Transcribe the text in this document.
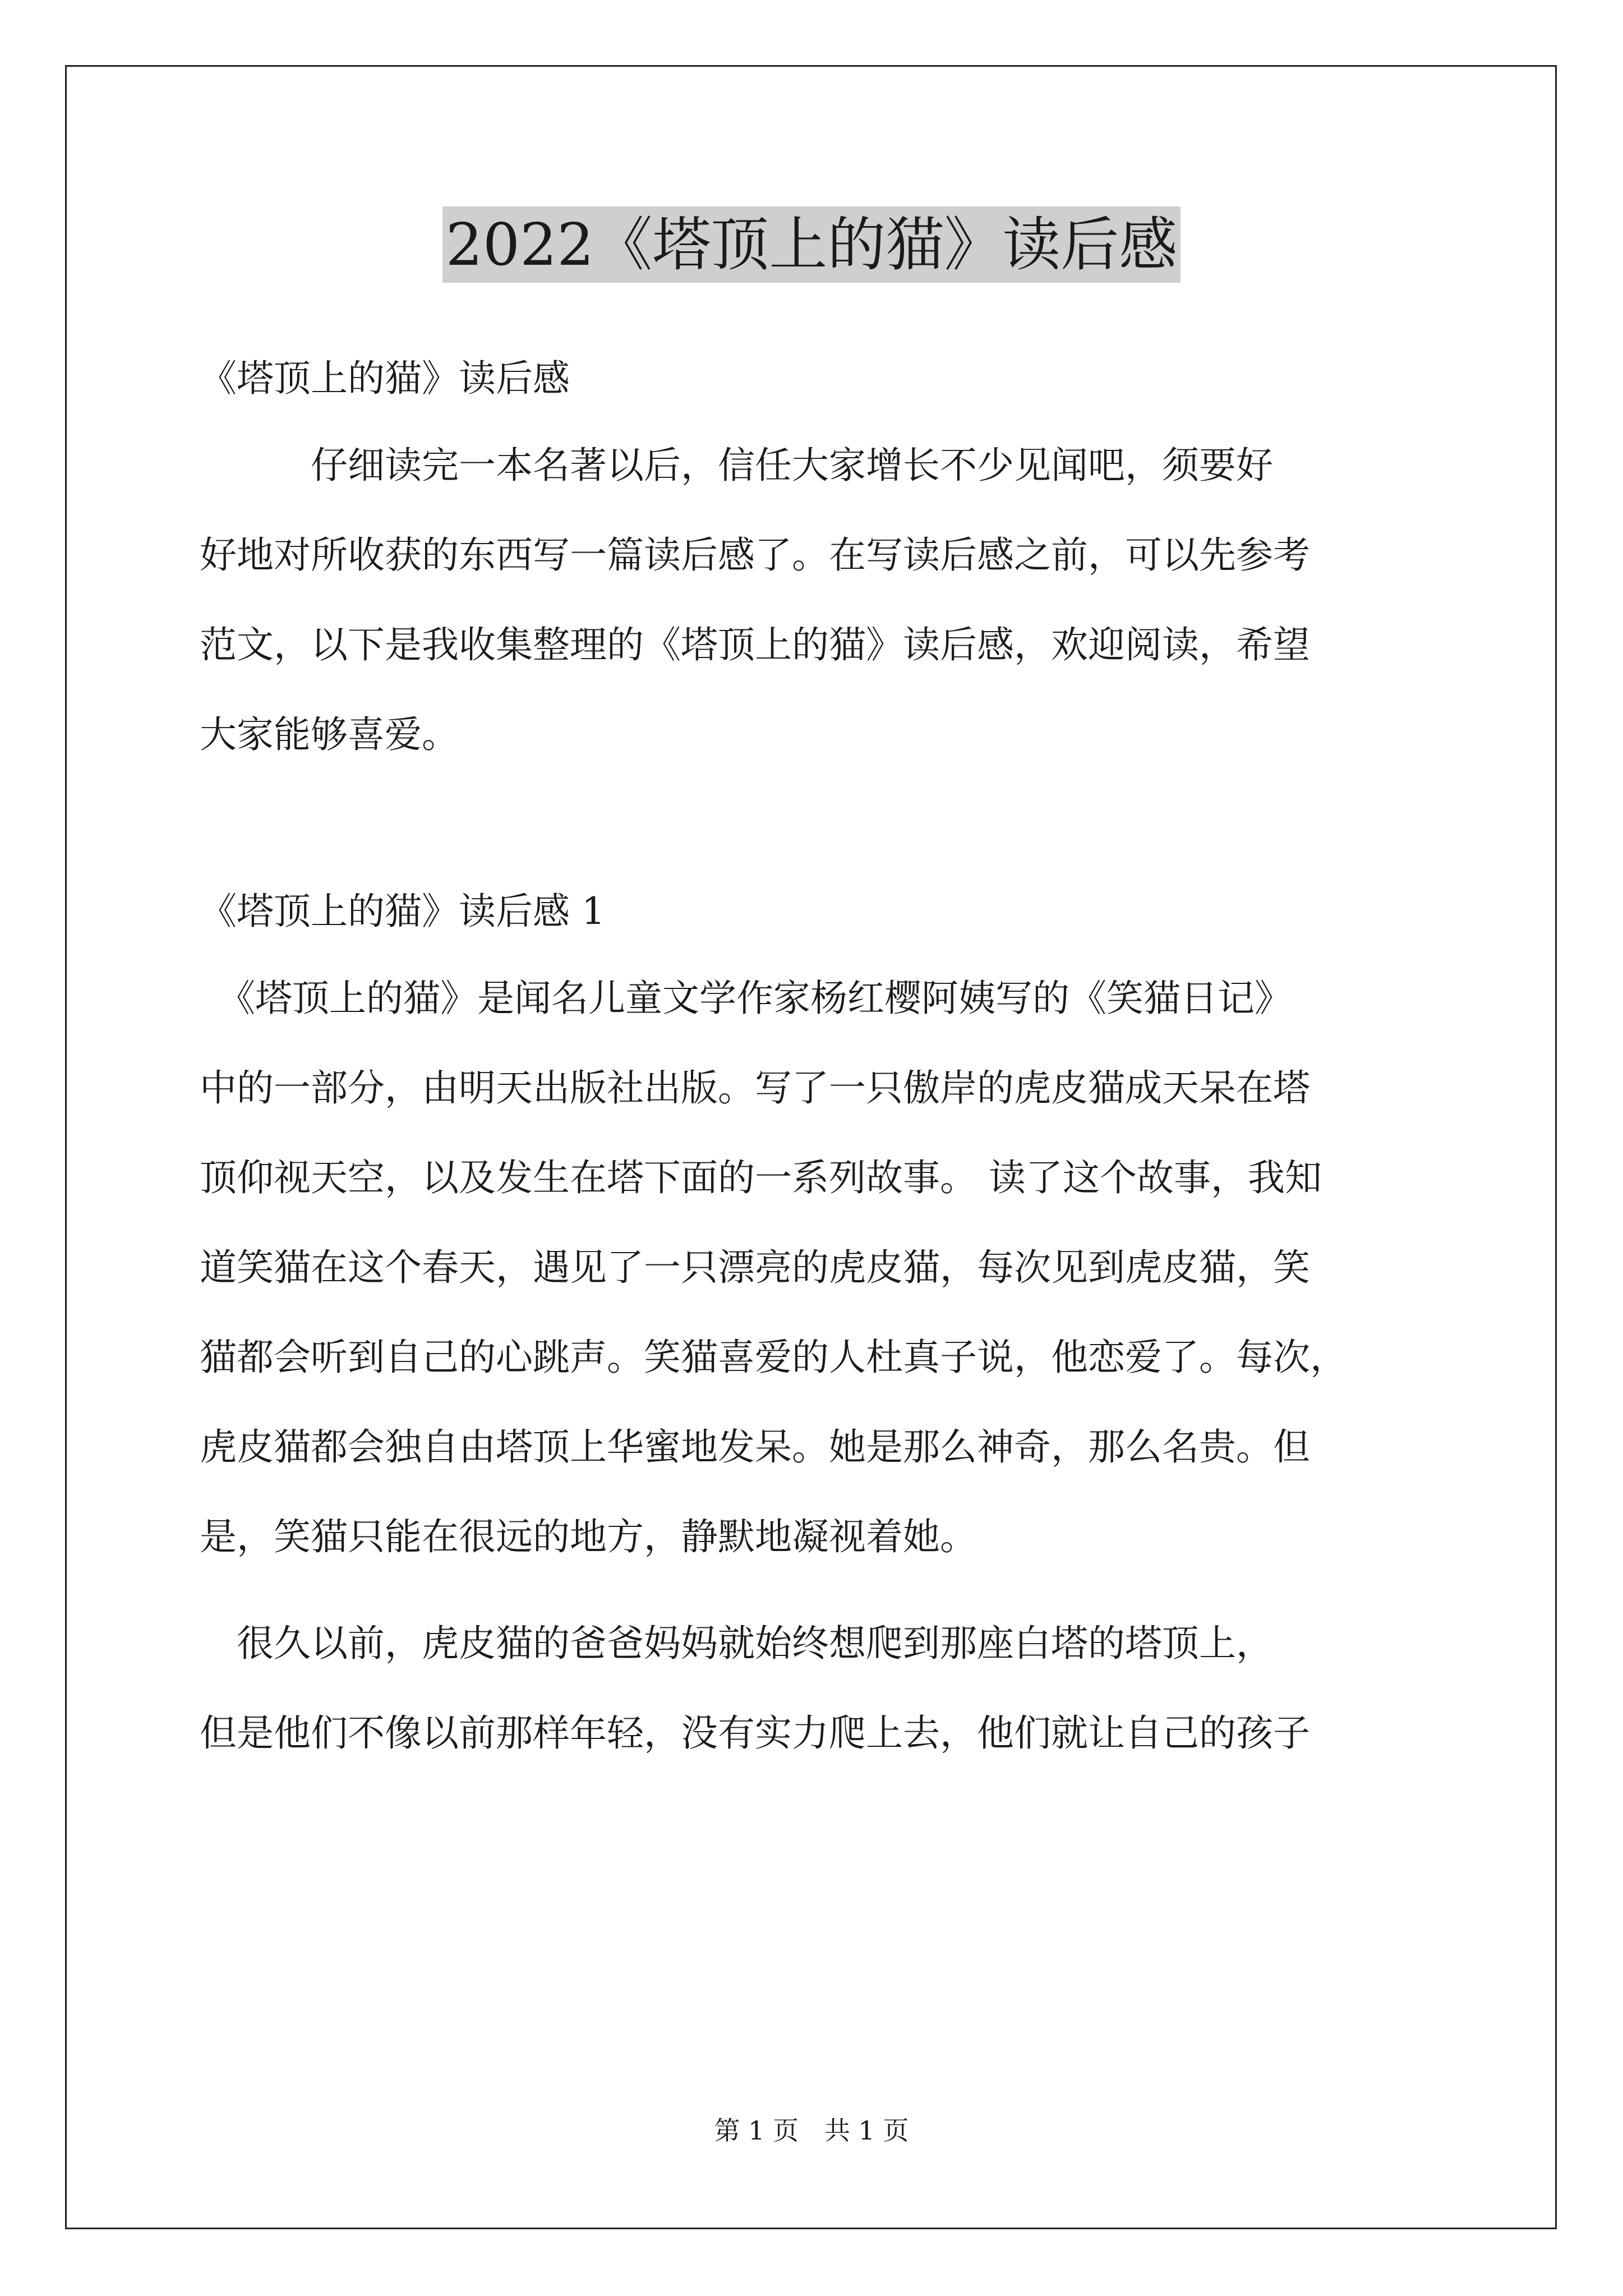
2022《塔顶上的猫》读后感
《塔顶上的猫》读后感
　　　仔细读完一本名著以后，信任大家增长不少见闻吧，须要好
好地对所收获的东西写一篇读后感了。在写读后感之前，可以先参考
范文，以下是我收集整理的《塔顶上的猫》读后感，欢迎阅读，希望
大家能够喜爱。
《塔顶上的猫》读后感 1
　《塔顶上的猫》是闻名儿童文学作家杨红樱阿姨写的《笑猫日记》
中的一部分，由明天出版社出版。写了一只傲岸的虎皮猫成天呆在塔
顶仰视天空，以及发生在塔下面的一系列故事。 读了这个故事，我知
道笑猫在这个春天，遇见了一只漂亮的虎皮猫，每次见到虎皮猫，笑
猫都会听到自己的心跳声。笑猫喜爱的人杜真子说，他恋爱了。每次，
虎皮猫都会独自由塔顶上华蜜地发呆。她是那么神奇，那么名贵。但
是，笑猫只能在很远的地方，静默地凝视着她。
　很久以前，虎皮猫的爸爸妈妈就始终想爬到那座白塔的塔顶上，
但是他们不像以前那样年轻，没有实力爬上去，他们就让自己的孩子
第 1 页　共 1 页
